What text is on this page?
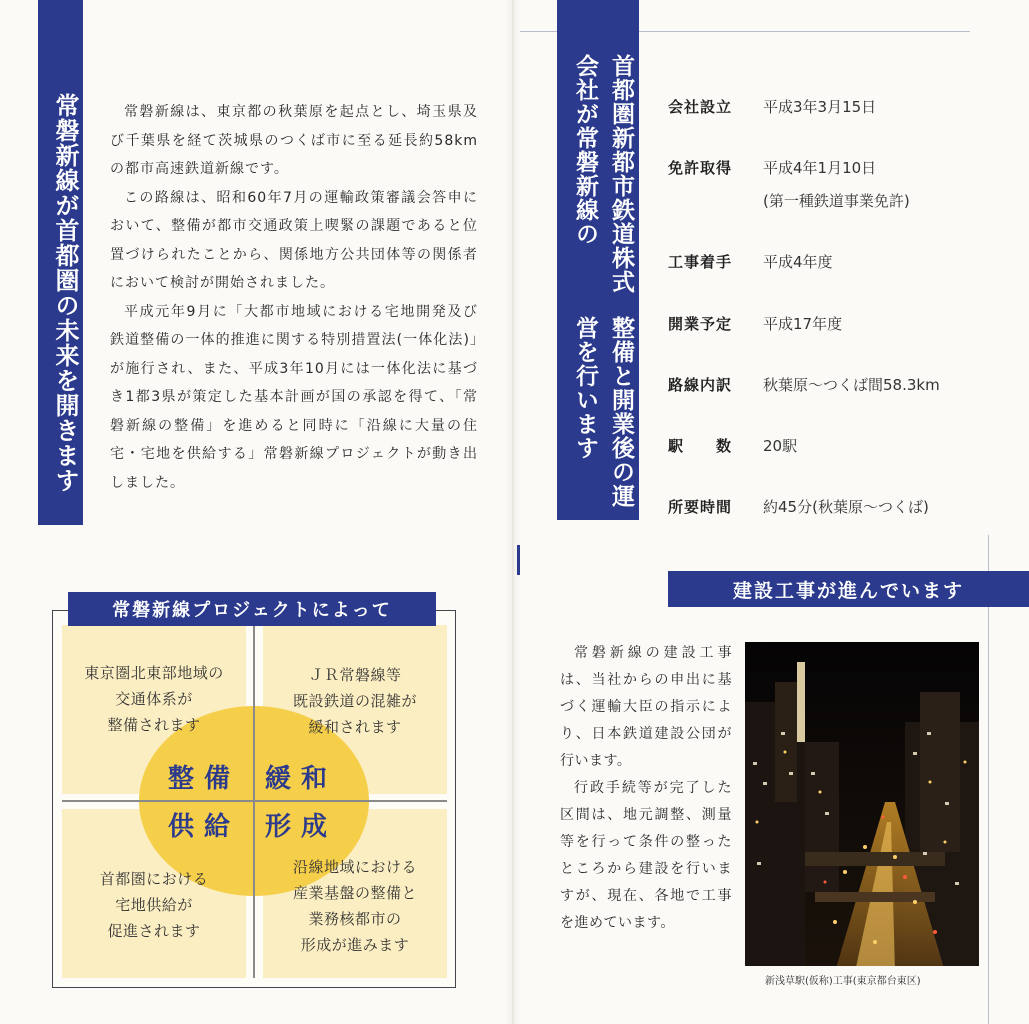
常磐新線が首都圏の未来を開きます	常磐新線は、東京都の秋葉原を起点とし、埼玉県及び千葉県を経て茨城県のつくば市に至る延長約58kmの都市高速鉄道新線です。

この路線は、昭和60年7月の運輸政策審議会答申において、整備が都市交通政策上喫緊の課題であると位置づけられたことから、関係地方公共団体等の関係者において検討が開始されました。

平成元年9月に「大都市地域における宅地開発及び鉄道整備の一体的推進に関する特別措置法(一体化法)」が施行され、また、平成3年10月には一体化法に基づき1都3県が策定した基本計画が国の承認を得て、「常磐新線の整備」を進めると同時に「沿線に大量の住宅・宅地を供給する」常磐新線プロジェクトが動き出しました。

常磐新線プロジェクトによって
東京圏北東部地域の
交通体系が
整備されます
ＪＲ常磐線等
既設鉄道の混雑が
緩和されます
首都圏における
宅地供給が
促進されます
沿線地域における
産業基盤の整備と
業務核都市の
形成が進みます
整備 緩和
供給 形成
首都圏新都市鉄道株式会社が常磐新線の
整備と開業後の運営を行います
会社設立	平成3年3月15日
免許取得	平成4年1月10日
(第一種鉄道事業免許)
工事着手	平成4年度
開業予定	平成17年度
路線内訳	秋葉原～つくば間58.3km
駅　　数	20駅
所要時間	約45分(秋葉原～つくば)
建設工事が進んでいます

常磐新線の建設工事は、当社からの申出に基づく運輸大臣の指示により、日本鉄道建設公団が行います。

行政手続等が完了した区間は、地元調整、測量等を行って条件の整ったところから建設を行いますが、現在、各地で工事を進めています。

新浅草駅(仮称)工事(東京都台東区)
